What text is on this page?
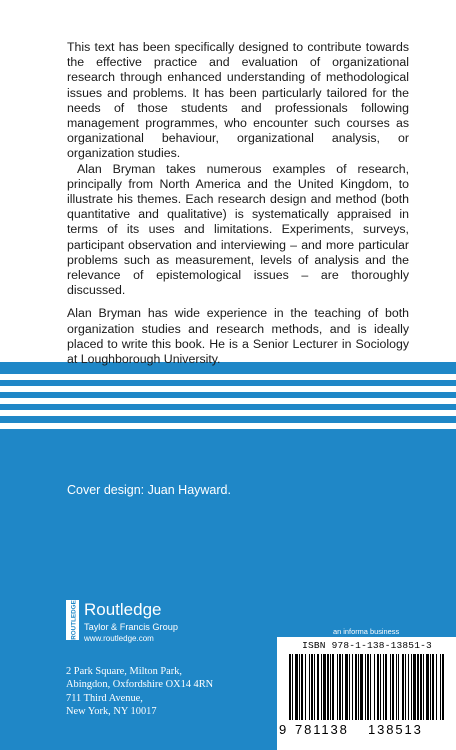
This text has been specifically designed to contribute towards the effective practice and evaluation of organizational research through enhanced understanding of methodological issues and problems. It has been particularly tailored for the needs of those students and professionals following management programmes, who encounter such courses as organizational behaviour, organizational analysis, or organization studies.

Alan Bryman takes numerous examples of research, principally from North America and the United Kingdom, to illustrate his themes. Each research design and method (both quantitative and qualitative) is systematically appraised in terms of its uses and limitations. Experiments, surveys, participant observation and interviewing – and more particular problems such as measurement, levels of analysis and the relevance of epistemological issues – are thoroughly discussed.

Alan Bryman has wide experience in the teaching of both organization studies and research methods, and is ideally placed to write this book. He is a Senior Lecturer in Sociology at Loughborough University.

Cover design: Juan Hayward.
ROUTLEDGE Routledge
Taylor & Francis Group
www.routledge.com
2 Park Square, Milton Park,
Abingdon, Oxfordshire OX14 4RN
711 Third Avenue,
New York, NY 10017
an informa business
ISBN 978-1-138-13851-3
9 781138 138513
